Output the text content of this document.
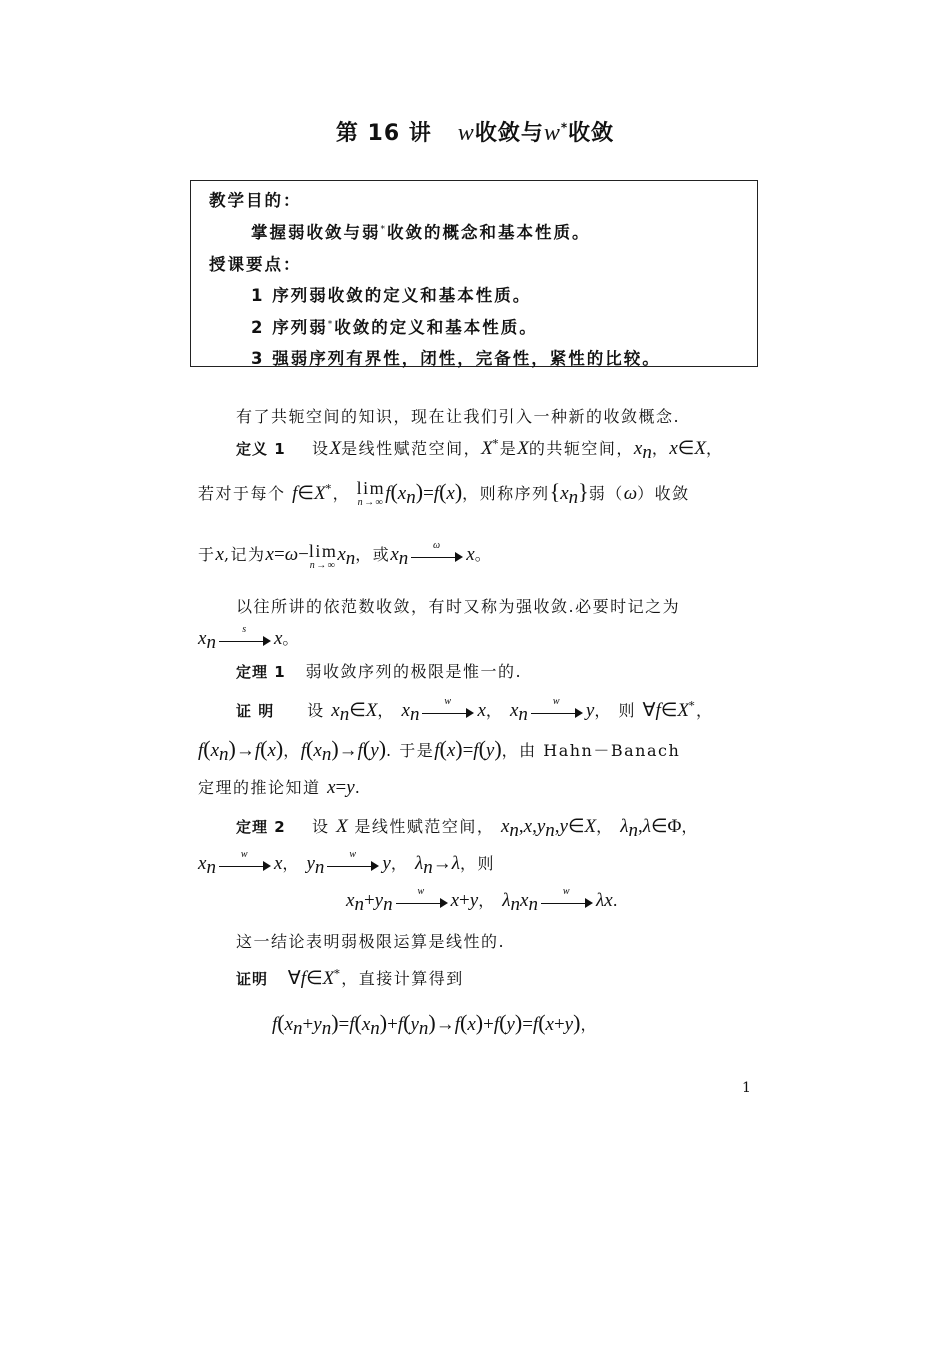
第 16 讲 w收敛与w*收敛
教学目的：
掌握弱收敛与弱*收敛的概念和基本性质。
授课要点：
1 序列弱收敛的定义和基本性质。
2 序列弱*收敛的定义和基本性质。
3 强弱序列有界性，闭性，完备性，紧性的比较。
有了共轭空间的知识，现在让我们引入一种新的收敛概念.
定义 1 设X是线性赋范空间，X*是X的共轭空间，$x_n$，x∈X，
若对于每个 f∈X*， lim
n→∞ $f(x_n)=f(x)$，则称序列$\{x_n\}$弱（ω）收敛
于x,记为x=ω−lim
n→∞
$x_n$，或$x_n$
ω	x。
以往所讲的依范数收敛，有时又称为强收敛.必要时记之为
$x_n$
s	x。
定理 1 弱收敛序列的极限是惟一的.
证 明 设 $x_n\in X$， $x_n$
w	x， $x_n$
w	y， 则 ∀f∈X*，
$f(x_n)\to f(x)$，$f(x_n)\to f(y)$. 于是f(x)=f(y)，由 Hahn－Banach
定理的推论知道 x=y.
定理 2 设 X 是线性赋范空间， $x_n,x,y_n,y\in X$， $\lambda_n,\lambda\in\Phi$，
$x_n$
w	x， $y_n$
w	y， $\lambda_n\to\lambda$，则
$x_n+y_n$
w	x+y， $\lambda_nx_n$
w	λx.
这一结论表明弱极限运算是线性的.
证明 ∀f∈X*，直接计算得到
$f(x_n+y_n)=f(x_n)+f(y_n)\to f(x)+f(y)=f(x+y)$，
1
